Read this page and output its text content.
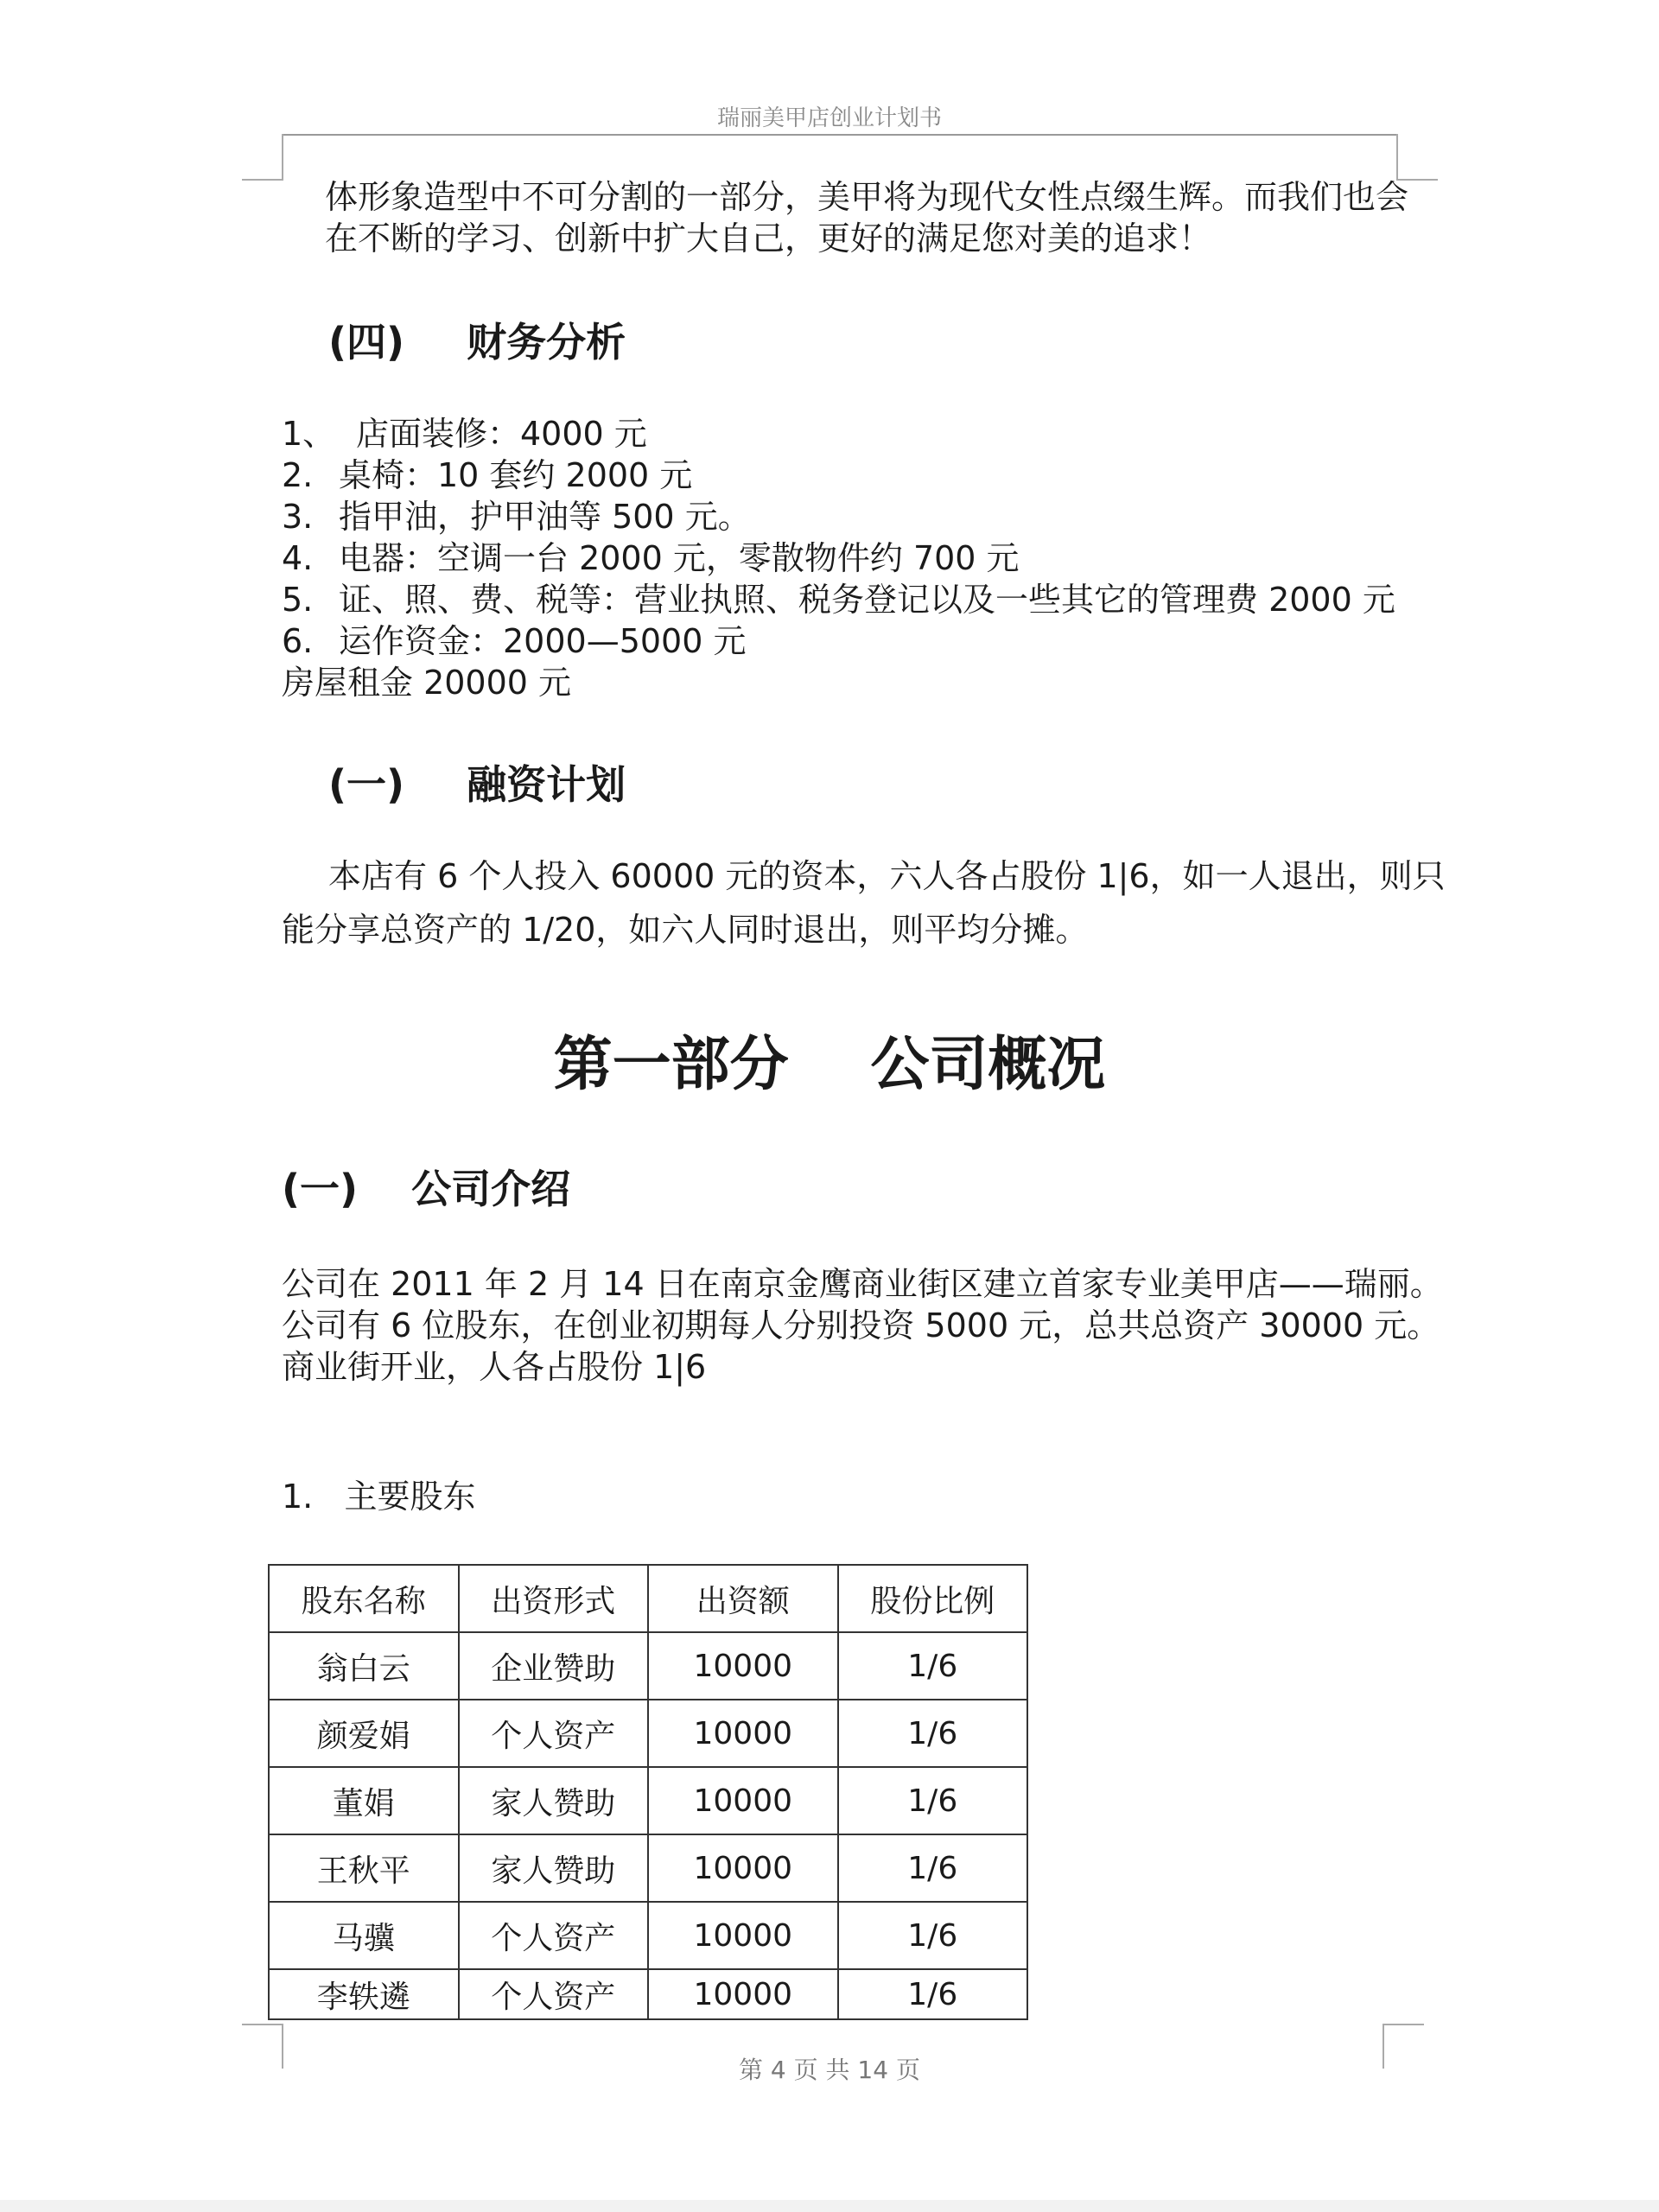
瑞丽美甲店创业计划书
体形象造型中不可分割的一部分，美甲将为现代女性点缀生辉。而我们也会
在不断的学习、创新中扩大自己，更好的满足您对美的追求！
(四) 财务分析
1、 店面装修：4000 元
2. 桌椅：10 套约 2000 元
3. 指甲油，护甲油等 500 元。
4. 电器：空调一台 2000 元，零散物件约 700 元
5. 证、照、费、税等：营业执照、税务登记以及一些其它的管理费 2000 元
6. 运作资金：2000—5000 元
房屋租金 20000 元
(一) 融资计划
本店有 6 个人投入 60000 元的资本，六人各占股份 1|6，如一人退出，则只
能分享总资产的 1/20，如六人同时退出，则平均分摊。
第一部分    公司概况
(一) 公司介绍
公司在 2011 年 2 月 14 日在南京金鹰商业街区建立首家专业美甲店——瑞丽。
公司有 6 位股东，在创业初期每人分别投资 5000 元，总共总资产 30000 元。
商业街开业，人各占股份 1|6
1.   主要股东
股东名称	出资形式	出资额	股份比例
翁白云	企业赞助	10000	1/6
颜爱娟	个人资产	10000	1/6
董娟	家人赞助	10000	1/6
王秋平	家人赞助	10000	1/6
马骥	个人资产	10000	1/6
李轶遴	个人资产	10000	1/6
第 4 页 共 14 页
